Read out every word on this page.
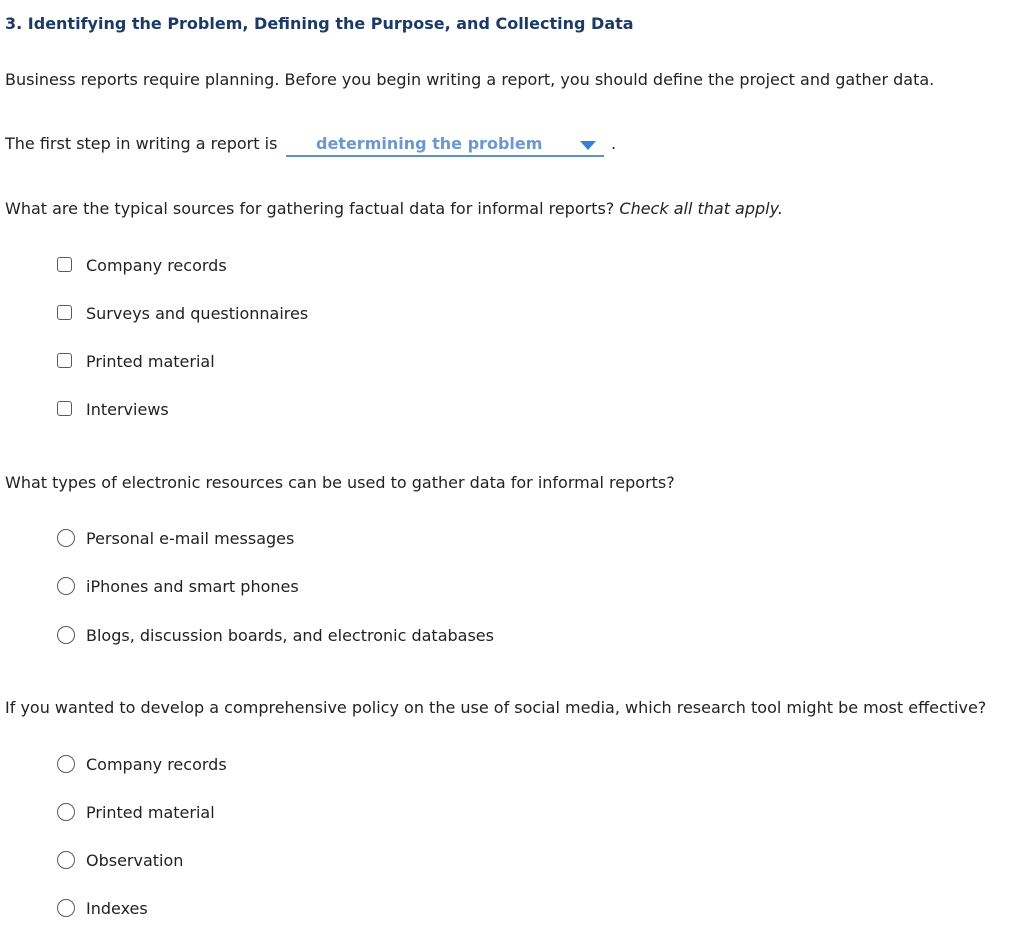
3. Identifying the Problem, Defining the Purpose, and Collecting Data
Business reports require planning. Before you begin writing a report, you should define the project and gather data.
The first step in writing a report is determining the problem	.
What are the typical sources for gathering factual data for informal reports? Check all that apply.
Company records
Surveys and questionnaires
Printed material
Interviews
What types of electronic resources can be used to gather data for informal reports?
Personal e-mail messages
iPhones and smart phones
Blogs, discussion boards, and electronic databases
If you wanted to develop a comprehensive policy on the use of social media, which research tool might be most effective?
Company records
Printed material
Observation
Indexes
